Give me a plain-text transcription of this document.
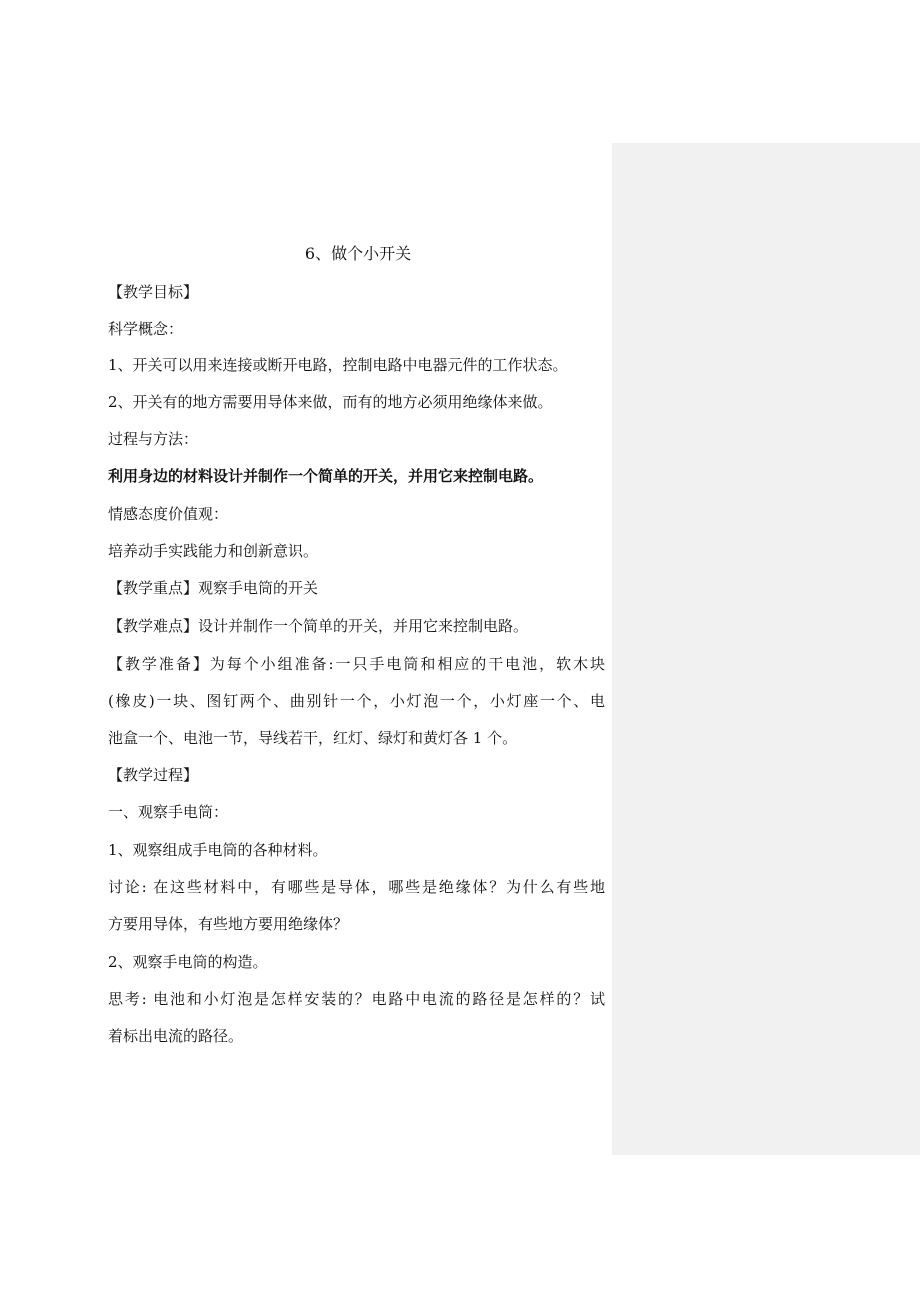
6、做个小开关
【教学目标】
科学概念：
1、开关可以用来连接或断开电路，控制电路中电器元件的工作状态。
2、开关有的地方需要用导体来做，而有的地方必须用绝缘体来做。
过程与方法：
利用身边的材料设计并制作一个简单的开关，并用它来控制电路。
情感态度价值观：
培养动手实践能力和创新意识。
【教学重点】观察手电筒的开关
【教学难点】设计并制作一个简单的开关，并用它来控制电路。
【教学准备】为每个小组准备:一只手电筒和相应的干电池，软木块
(橡皮)一块、图钉两个、曲别针一个，小灯泡一个，小灯座一个、电
池盒一个、电池一节，导线若干，红灯、绿灯和黄灯各 1 个。
【教学过程】
一、观察手电筒：
1、观察组成手电筒的各种材料。
讨论: 在这些材料中，有哪些是导体，哪些是绝缘体？为什么有些地
方要用导体，有些地方要用绝缘体？
2、观察手电筒的构造。
思考: 电池和小灯泡是怎样安装的？电路中电流的路径是怎样的？试
着标出电流的路径。
